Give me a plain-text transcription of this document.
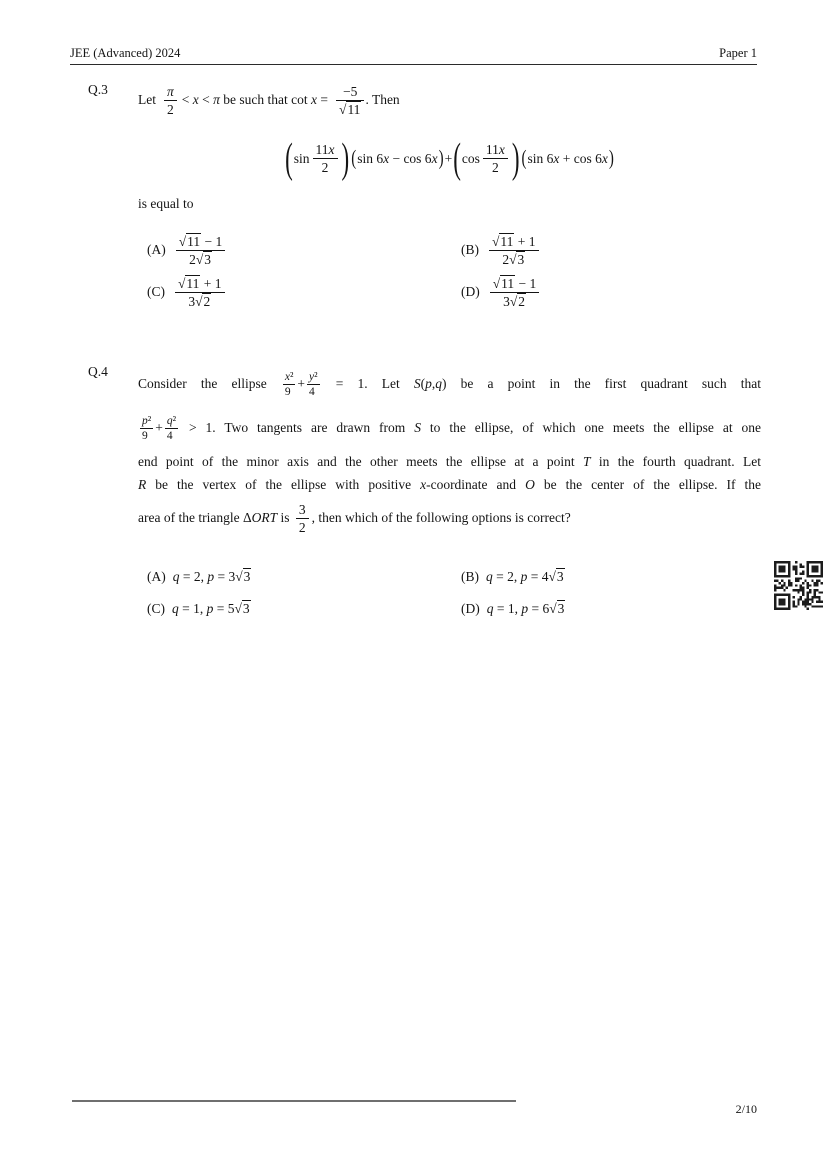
JEE (Advanced) 2024	Paper 1
Q.3
Let $\frac{\pi}{2} < x < \pi$ be such that $\cot x = \frac{-5}{√11}$ . Then
($\sin \frac{11x}{2}$ ) (sin $6x - \cos 6x)+(\cos \frac{11x}{2}$ ) (sin 6x + cos 6x)
is equal to
$(A) \frac{√11 - 1}{2√3}$	$(B) \frac{√11 + 1}{2√3}$
$(C) \frac{√11 + 1}{3√2}$	$(D) \frac{√11 - 1}{3√2}$
Q.4
Consider the ellipse $\frac{\text{x²}}{9} + \frac{\text{y²}}{4} = 1$. Let S(p,q) be a point in the first quadrant such that
$\frac{\text{p²}}{9} + \frac{\text{q²}}{4} > 1$. Two tangents are drawn from S to the ellipse, of which one meets the ellipse at one
end point of the minor axis and the other meets the ellipse at a point T in the fourth quadrant. Let
R be the vertex of the ellipse with positive x-coordinate and O be the center of the ellipse. If the
area of the triangle ΔORT is $\frac{3}{2}$ , then which of the following options is correct?
(A) q = 2, p = 3 √3	(B) q = 2, p = 4 √3
(C) q = 1, p = 5 √3	(D) q = 1, p = 6 √3
2/10
